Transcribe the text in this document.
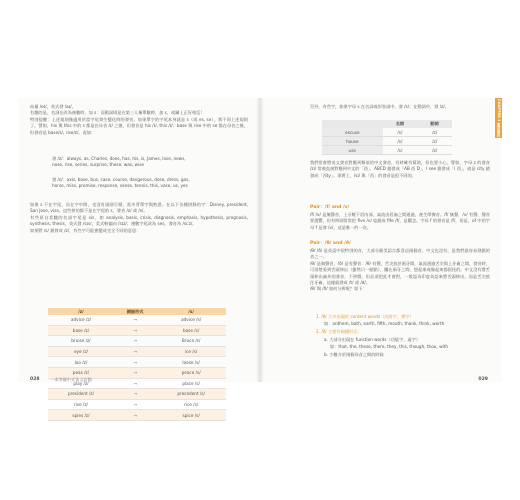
向量 /eɪ/，英式發 /aɪ/，
有趣的是，名詞在改為複數時，加 s：而動詞則是在第三人稱單數時，加 s，或屬上正好相反！
特別提醒：上述規則僅適用於當字尾發生變化時的發音。如果單字的字尾本身就是 s（或 es, se），那不同上述規則了。譬如，his 與 this 中的 s 都是在母音 /ɪ/ 之後，但發音是 his /ɪ/, this /ɪ/；base 與 rise 中的 se 都在母音之後，但發音是 base/s/, rise/z/。再如：

發 /z/：always, as, Charles, does, has, his, is, James, lose, news,
nose, rise, series, surprise, these, was, wise

發 /s/：axis, base, bus, case, course, dangerous, dose, dress, gas,
horse, miss, promise, response, sense, tennis, this, vase, us, yes

如果 s 不在字尾，而在字中間，也沒有規則可循，需多背單字與熟悉。在以下各種拼錄的字：Disney, president, San Jose, visa，這些拼的都不是在字尾的 s，發音 /z/ 或 /s/。
有些原自希臘的名詞字尾是 sis，如 analysis, basis, crisis, diagnosis, emphasis, hypothesis, prognosis, synthesis, thesis，英式發 /sɪs/，美式較偏向 /sɪz/；複數字尾改為 ses，發音為 /siːz/。
如果將 /s/ 錯發成 /z/，有些字可能會變成完全不同的意思：

/z/	錯誤形式	/s/
advice /z/	→	advice /s/
base /z/	→	base /s/
bruise /z/	→	Bruce /s/
eye /z/	→	ice /s/
loo /z/	→	loose /s/
peas /z/	→	peace /s/
play /z/	→	place /s/
president /z/	→	precedent /s/
rise /z/	→	rice /s/
spies /z/	→	spice /s/
028 一本突破中式英文盲點
CHAPTER 1 重音讀音

另外，有些字，如果字母 s 在名詞或形容詞中，發 /s/；在動詞中，發 /z/。

	名詞	動詞
excuse	/s/	/z/
house	/s/	/z/
use	/s/	/z/

我們常會將英文發音對應到類似的中文發音，有時確有幫助，但也要小心，譬如，字母 z 的發音 /zi/ 常被直接對應到中文的「西」，ABCD 錯發成「AB 西 D」，I see 錯發成「I 西」，或是 city 錯發成「西ty」。事實上，/si/ 與「西」的發音是很不同的。

Pair：/f/ and /v/

/f/ /v/ 是無聲音，上牙輕下唇內部，氣流由唇齒之間通過，產生摩擦音。/f/ 無聲，/v/ 有聲，聲音要震響，但有時則常常把 five /v/ 唸錯成 fife /f/，是觀念。字母 f 的發音是 /f/，但是，of 中的字母 f 是發 /v/，這是唯一的一次。

Pair：/θ/ and /ð/

/θ/ /ð/ 是英語中很特別的音，大部分歐美語言都沒這兩個音，中文也沒有，是我們最容易發錯的音之一。
/θ/ 是無聲音，/ð/ 是有聲音：/θ/ 有聲，舌尖放於兩牙間，氣流通過舌尖與上牙齒之間，發音時，可清楚看到舌頭伸出（雖然只一點點），攔在兩牙之間，想起來或像起來都很怪的。中文沒有將舌頭伸出齒外的發音，不習慣，但必須把此才會對，一般認為印度英語來將舌頭伸出，而是舌尖抵住牙齒，這樣就發成 /t/ 或 /d/。
/θ/ 與 /ð/ 如何分辨呢？如下：

1. /θ/ 大多出現於 content words（內容字，實字）
如：anthem, bath, earth, fifth, mouth, thank, think, worth
2. /ð/ 主要有兩種形式：
a. 大部分出現在 function words（功能字，虛字）
如：that, the, these, there, they, this, though, thou, with
b. 少數介於兩個母音之間的時候
029
